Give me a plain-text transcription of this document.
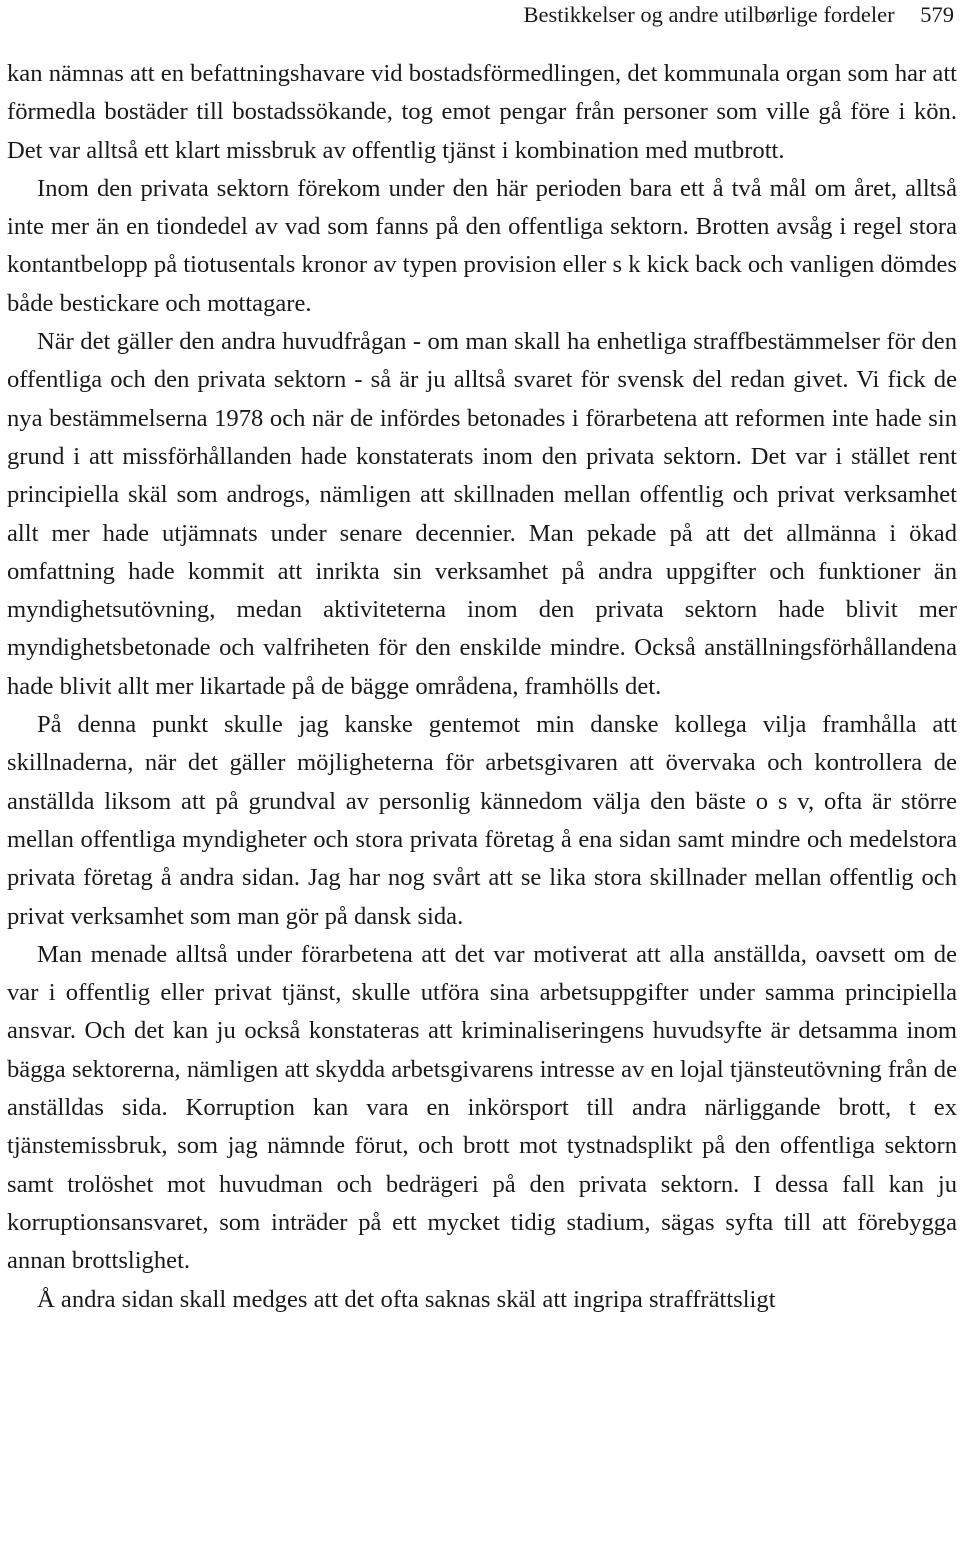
Bestikkelser og andre utilbørlige fordeler 579

kan nämnas att en befattningshavare vid bostadsförmedlingen, det kommunala organ som har att förmedla bostäder till bostadssökande, tog emot pengar från personer som ville gå före i kön. Det var alltså ett klart missbruk av offentlig tjänst i kombination med mutbrott.

Inom den privata sektorn förekom under den här perioden bara ett å två mål om året, alltså inte mer än en tiondedel av vad som fanns på den offentliga sektorn. Brotten avsåg i regel stora kontantbelopp på tiotusentals kronor av typen provision eller s k kick back och vanligen dömdes både bestickare och mottagare.

När det gäller den andra huvudfrågan - om man skall ha enhetliga straffbestämmelser för den offentliga och den privata sektorn - så är ju alltså svaret för svensk del redan givet. Vi fick de nya bestämmelserna 1978 och när de infördes betonades i förarbetena att reformen inte hade sin grund i att missförhållanden hade konstaterats inom den privata sektorn. Det var i stället rent principiella skäl som androgs, nämligen att skillnaden mellan offentlig och privat verksamhet allt mer hade utjämnats under senare decennier. Man pekade på att det allmänna i ökad omfattning hade kommit att inrikta sin verksamhet på andra uppgifter och funktioner än myndighetsutövning, medan aktiviteterna inom den privata sektorn hade blivit mer myndighetsbetonade och valfriheten för den enskilde mindre. Också anställningsförhållandena hade blivit allt mer likartade på de bägge områdena, framhölls det.

På denna punkt skulle jag kanske gentemot min danske kollega vilja framhålla att skillnaderna, när det gäller möjligheterna för arbetsgivaren att övervaka och kontrollera de anställda liksom att på grundval av personlig kännedom välja den bäste o s v, ofta är större mellan offentliga myndigheter och stora privata företag å ena sidan samt mindre och medelstora privata företag å andra sidan. Jag har nog svårt att se lika stora skillnader mellan offentlig och privat verksamhet som man gör på dansk sida.

Man menade alltså under förarbetena att det var motiverat att alla anställda, oavsett om de var i offentlig eller privat tjänst, skulle utföra sina arbetsuppgifter under samma principiella ansvar. Och det kan ju också konstateras att kriminaliseringens huvudsyfte är detsamma inom bägga sektorerna, nämligen att skydda arbetsgivarens intresse av en lojal tjänsteutövning från de anställdas sida. Korruption kan vara en inkörsport till andra närliggande brott, t ex tjänstemissbruk, som jag nämnde förut, och brott mot tystnadsplikt på den offentliga sektorn samt trolöshet mot huvudman och bedrägeri på den privata sektorn. I dessa fall kan ju korruptionsansvaret, som inträder på ett mycket tidig stadium, sägas syfta till att förebygga annan brottslighet.

Å andra sidan skall medges att det ofta saknas skäl att ingripa straffrättsligt
